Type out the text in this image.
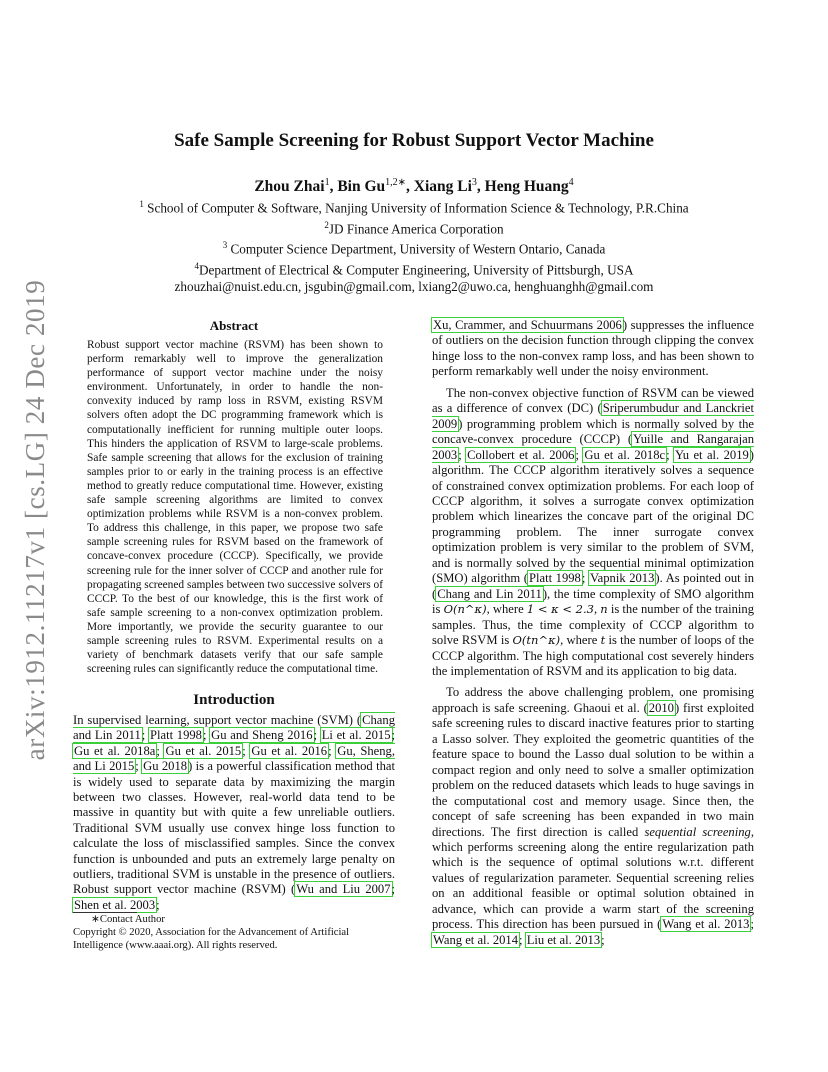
arXiv:1912.11217v1 [cs.LG] 24 Dec 2019
Safe Sample Screening for Robust Support Vector Machine
Zhou Zhai$^1$, Bin $Gu^{1,2∗}$, Xiang Li$^3$, Heng Huang$^4$
$^1$ School of Computer & Software, Nanjing University of Information Science & Technology, P.R.China
$^2$JD Finance America Corporation
$^3$ Computer Science Department, University of Western Ontario, Canada
$^4$Department of Electrical & Computer Engineering, University of Pittsburgh, USA
zhouzhai@nuist.edu.cn, jsgubin@gmail.com, lxiang2@uwo.ca, henghuanghh@gmail.com
Abstract
Robust support vector machine (RSVM) has been shown to perform remarkably well to improve the generalization performance of support vector machine under the noisy environment. Unfortunately, in order to handle the non-convexity induced by ramp loss in RSVM, existing RSVM solvers often adopt the DC programming framework which is computationally inefficient for running multiple outer loops. This hinders the application of RSVM to large-scale problems. Safe sample screening that allows for the exclusion of training samples prior to or early in the training process is an effective method to greatly reduce computational time. However, existing safe sample screening algorithms are limited to convex optimization problems while RSVM is a non-convex problem. To address this challenge, in this paper, we propose two safe sample screening rules for RSVM based on the framework of concave-convex procedure (CCCP). Specifically, we provide screening rule for the inner solver of CCCP and another rule for propagating screened samples between two successive solvers of CCCP. To the best of our knowledge, this is the first work of safe sample screening to a non-convex optimization problem. More importantly, we provide the security guarantee to our sample screening rules to RSVM. Experimental results on a variety of benchmark datasets verify that our safe sample screening rules can significantly reduce the computational time.
Introduction

In supervised learning, support vector machine (SVM) (Chang and Lin 2011; Platt 1998; Gu and Sheng 2016; Li et al. 2015; Gu et al. 2018a; Gu et al. 2015; Gu et al. 2016; Gu, Sheng, and Li 2015; Gu 2018) is a powerful classification method that is widely used to separate data by maximizing the margin between two classes. However, real-world data tend to be massive in quantity but with quite a few unreliable outliers. Traditional SVM usually use convex hinge loss function to calculate the loss of misclassified samples. Since the convex function is unbounded and puts an extremely large penalty on outliers, traditional SVM is unstable in the presence of outliers. Robust support vector machine (RSVM) (Wu and Liu 2007; Shen et al. 2003;

∗Contact Author
Copyright © 2020, Association for the Advancement of Artificial Intelligence (www.aaai.org). All rights reserved.

Xu, Crammer, and Schuurmans 2006) suppresses the influence of outliers on the decision function through clipping the convex hinge loss to the non-convex ramp loss, and has been shown to perform remarkably well under the noisy environment.

The non-convex objective function of RSVM can be viewed as a difference of convex (DC) (Sriperumbudur and Lanckriet 2009) programming problem which is normally solved by the concave-convex procedure (CCCP) (Yuille and Rangarajan 2003; Collobert et al. 2006; Gu et al. 2018c; Yu et al. 2019) algorithm. The CCCP algorithm iteratively solves a sequence of constrained convex optimization problems. For each loop of CCCP algorithm, it solves a surrogate convex optimization problem which linearizes the concave part of the original DC programming problem. The inner surrogate convex optimization problem is very similar to the problem of SVM, and is normally solved by the sequential minimal optimization (SMO) algorithm (Platt 1998; Vapnik 2013). As pointed out in (Chang and Lin 2011), the time complexity of SMO algorithm is O(n^κ), where 1 < κ < 2.3, n is the number of the training samples. Thus, the time complexity of CCCP algorithm to solve RSVM is O(tn^κ), where t is the number of loops of the CCCP algorithm. The high computational cost severely hinders the implementation of RSVM and its application to big data.

To address the above challenging problem, one promising approach is safe screening. Ghaoui et al. (2010) first exploited safe screening rules to discard inactive features prior to starting a Lasso solver. They exploited the geometric quantities of the feature space to bound the Lasso dual solution to be within a compact region and only need to solve a smaller optimization problem on the reduced datasets which leads to huge savings in the computational cost and memory usage. Since then, the concept of safe screening has been expanded in two main directions. The first direction is called sequential screening, which performs screening along the entire regularization path which is the sequence of optimal solutions w.r.t. different values of regularization parameter. Sequential screening relies on an additional feasible or optimal solution obtained in advance, which can provide a warm start of the screening process. This direction has been pursued in (Wang et al. 2013; Wang et al. 2014; Liu et al. 2013;
